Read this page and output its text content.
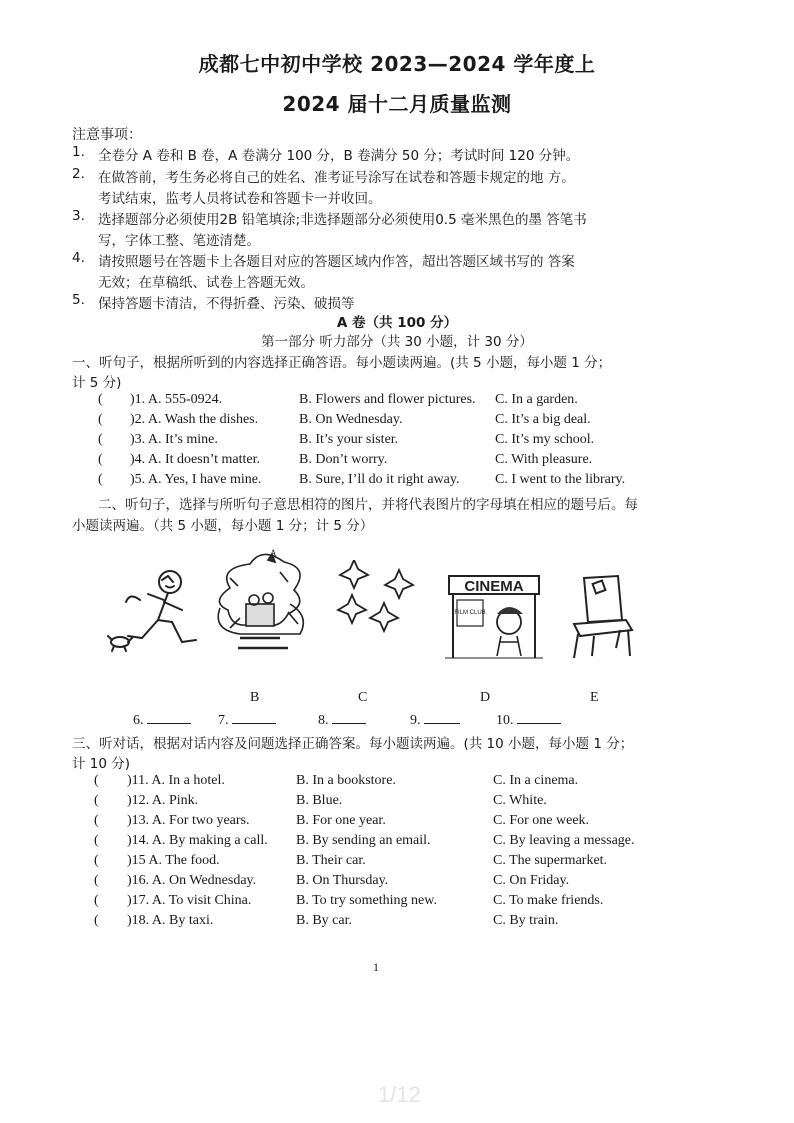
成都七中初中学校 2023—2024 学年度上
2024 届十二月质量监测
注意事项：
1. 全卷分 A 卷和 B 卷，A 卷满分 100 分，B 卷满分 50 分；考试时间 120 分钟。
2. 在做答前，考生务必将自己的姓名、准考证号涂写在试卷和答题卡规定的地 方。
考试结束，监考人员将试卷和答题卡一并收回。
3. 选择题部分必须使用2B 铅笔填涂;非选择题部分必须使用0.5 毫米黑色的墨 答笔书
写，字体工整、笔迹清楚。
4. 请按照题号在答题卡上各题目对应的答题区域内作答，超出答题区域书写的 答案
无效；在草稿纸、试卷上答题无效。
5. 保持答题卡清洁，不得折叠、污染、破损等
A 卷（共 100 分）
第一部分 听力部分（共 30 小题，计 30 分）
一、听句子，根据所听到的内容选择正确答语。每小题读两遍。(共 5 小题，每小题 1 分；
计 5 分)
( )1. A. 555-0924.	B. Flowers and flower pictures. C. In a garden.
( )2. A. Wash the dishes.	B. On Wednesday.	C. It’s a big deal.
( )3. A. It’s mine.	B. It’s your sister.	C. It’s my school.
( )4. A. It doesn’t matter.	B. Don’t worry.	C. With pleasure.
( )5. A. Yes, I have mine.	B. Sure, I’ll do it right away.	C. I went to the library.
二、听句子，选择与所听句子意思相符的图片，并将代表图片的字母填在相应的题号后。每
小题读两遍。（共 5 小题，每小题 1 分；计 5 分）
CINEMA
FILM CLUB
B	C	D	E
A
6.	7.	8.	9.	10.
三、听对话，根据对话内容及问题选择正确答案。每小题读两遍。(共 10 小题，每小题 1 分；
计 10 分)
( )11. A. In a hotel.	B. In a bookstore.	C. In a cinema.
( )12. A. Pink.	B. Blue.	C. White.
( )13. A. For two years.	B. For one year.	C. For one week.
( )14. A. By making a call. B. By sending an email.	C. By leaving a message.
( )15 A. The food.	B. Their car.	C. The supermarket.
( )16. A. On Wednesday.	B. On Thursday.	C. On Friday.
( )17. A. To visit China.	B. To try something new.	C. To make friends.
( )18. A. By taxi.	B. By car.	C. By train.
1
1/12
